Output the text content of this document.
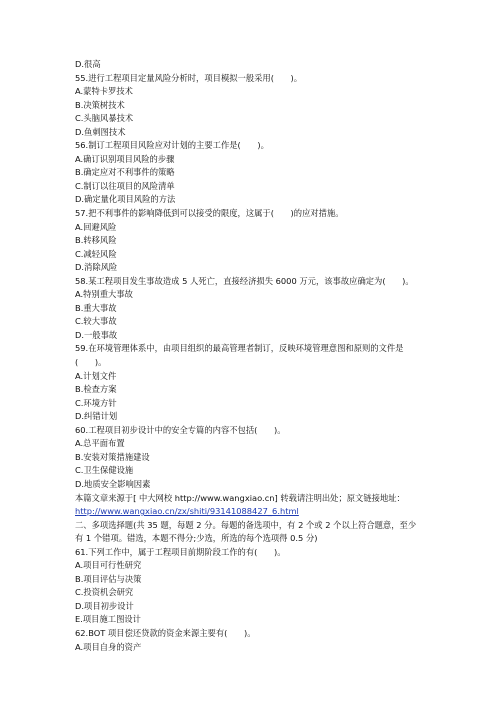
D.很高
55.进行工程项目定量风险分析时，项目模拟一般采用(　　)。
A.蒙特卡罗技术
B.决策树技术
C.头脑风暴技术
D.鱼刺图技术
56.制订工程项目风险应对计划的主要工作是(　　)。
A.确订识别项目风险的步骤
B.确定应对不利事件的策略
C.制订以往项目的风险清单
D.确定量化项目风险的方法
57.把不利事件的影响降低到可以接受的限度，这属于(　　)的应对措施。
A.回避风险
B.转移风险
C.减轻风险
D.消除风险
58.某工程项目发生事故造成 5 人死亡，直接经济损失 6000 万元，该事故应确定为(　　)。
A.特别重大事故
B.重大事故
C.较大事故
D.一般事故
59.在环境管理体系中，由项目组织的最高管理者制订，反映环境管理意图和原则的文件是
(　　)。
A.计划文件
B.检查方案
C.环境方针
D.纠错计划
60.工程项目初步设计中的安全专篇的内容不包括(　　)。
A.总平面布置
B.安装对策措施建设
C.卫生保健设施
D.地质安全影响因素
本篇文章来源于[ 中大网校 http://www.wangxiao.cn] 转载请注明出处；原文链接地址：
http://www.wangxiao.cn/zx/shiti/93141088427_6.html
二、多项选择题(共 35 题，每题 2 分。每题的备选项中，有 2 个或 2 个以上符合题意，至少
有 1 个错项。错选，本题不得分;少选，所选的每个选项得 0.5 分)
61.下列工作中，属于工程项目前期阶段工作的有(　　)。
A.项目可行性研究
B.项目评估与决策
C.投资机会研究
D.项目初步设计
E.项目施工图设计
62.BOT 项目偿还贷款的资金来源主要有(　　)。
A.项目自身的资产
